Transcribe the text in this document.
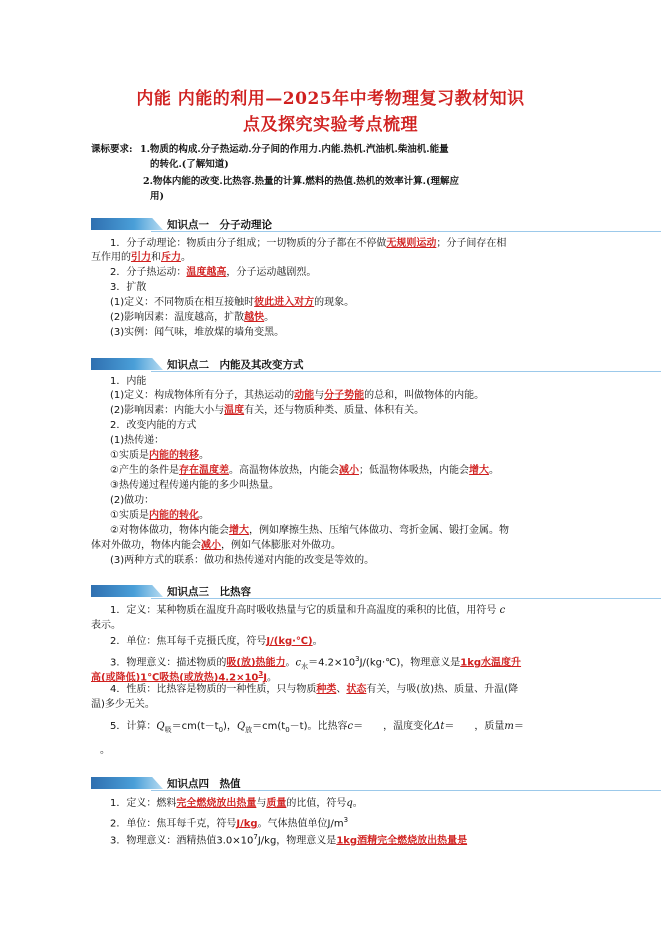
内能 内能的利用—2025年中考物理复习教材知识
点及探究实验考点梳理
课标要求: 1.物质的构成.分子热运动.分子间的作用力.内能.热机.汽油机.柴油机.能量
的转化.(了解知道)
2.物体内能的改变.比热容.热量的计算.燃料的热值.热机的效率计算.(理解应
用)
知识点一　分子动理论
1．分子动理论：物质由分子组成；一切物质的分子都在不停做无规则运动；分子间存在相
互作用的引力和斥力。
2．分子热运动：温度越高，分子运动越剧烈。
3．扩散
(1)定义：不同物质在相互接触时彼此进入对方的现象。
(2)影响因素：温度越高，扩散越快。
(3)实例：闻气味，堆放煤的墙角变黑。
知识点二　内能及其改变方式
1．内能
(1)定义：构成物体所有分子，其热运动的动能与分子势能的总和，叫做物体的内能。
(2)影响因素：内能大小与温度有关，还与物质种类、质量、体积有关。
2．改变内能的方式
(1)热传递：
①实质是内能的转移。
②产生的条件是存在温度差。高温物体放热，内能会减小；低温物体吸热，内能会增大。
③热传递过程传递内能的多少叫热量。
(2)做功：
①实质是内能的转化。
②对物体做功，物体内能会增大，例如摩擦生热、压缩气体做功、弯折金属、锻打金属。物
体对外做功，物体内能会减小，例如气体膨胀对外做功。
(3)两种方式的联系：做功和热传递对内能的改变是等效的。
知识点三　比热容
1．定义：某种物质在温度升高时吸收热量与它的质量和升高温度的乘积的比值，用符号 c
表示。
2．单位：焦耳每千克摄氏度，符号J/(kg·℃)。
3．物理意义：描述物质的吸(放)热能力。$c_水=4.2\times 10^3J/(kg\cdot℃)$，物理意义是1kg水温度升
高(或降低)1℃吸热(或放热)$4.2\times 10^3J$。
4．性质：比热容是物质的一种性质，只与物质种类、状态有关，与吸(放)热、质量、升温(降
温)多少无关。
5．计算：$Q_吸=cm(t-t_0)$，$Q_放=cm(t_0-t)$。比热容c＝　　，温度变化Δt＝　　，质量m＝
。
知识点四　热值
1．定义：燃料完全燃烧放出热量与质量的比值，符号q。
2．单位：焦耳每千克，符号J/kg。气体热值单位$J/m^3$
3．物理意义：酒精热值$3.0\times 10^7J/kg$，物理意义是1kg酒精完全燃烧放出热量是
